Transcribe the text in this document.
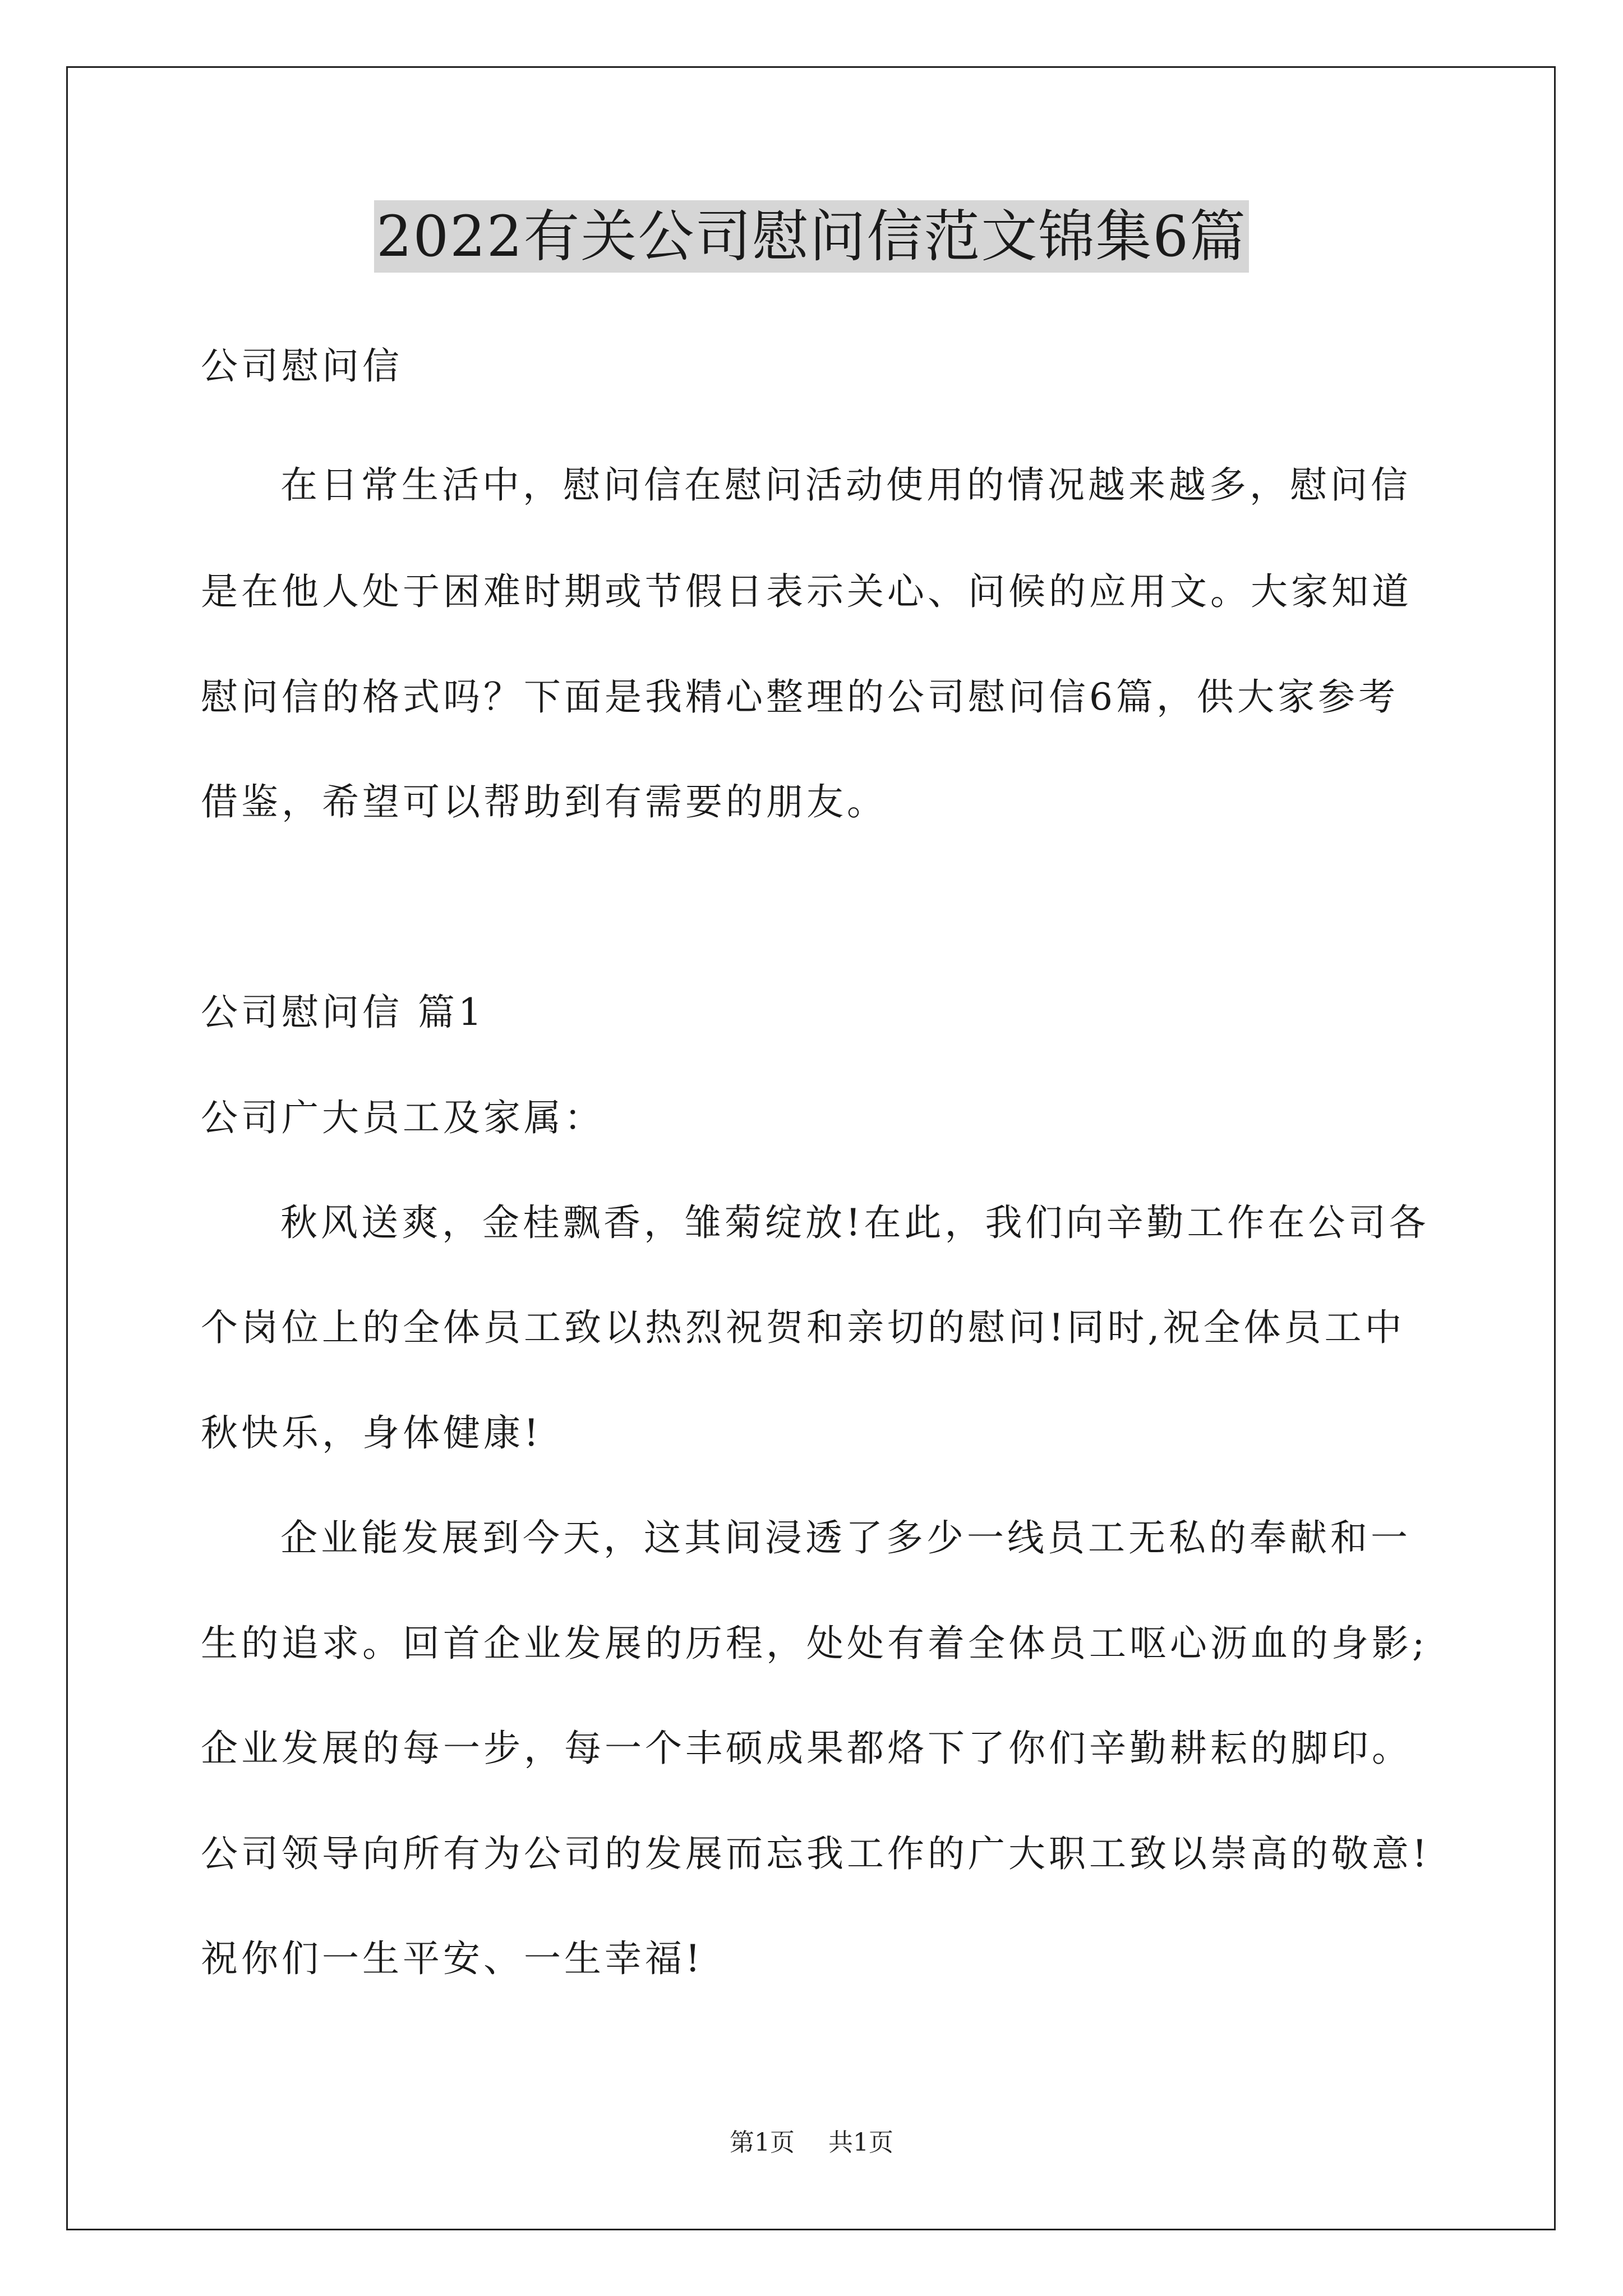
2022有关公司慰问信范文锦集6篇
公司慰问信
在日常生活中，慰问信在慰问活动使用的情况越来越多，慰问信
是在他人处于困难时期或节假日表示关心、问候的应用文。大家知道
慰问信的格式吗？下面是我精心整理的公司慰问信6篇，供大家参考
借鉴，希望可以帮助到有需要的朋友。
公司慰问信 篇1
公司广大员工及家属：
秋风送爽，金桂飘香，雏菊绽放!在此，我们向辛勤工作在公司各
个岗位上的全体员工致以热烈祝贺和亲切的慰问!同时,祝全体员工中
秋快乐，身体健康!
企业能发展到今天，这其间浸透了多少一线员工无私的奉献和一
生的追求。回首企业发展的历程，处处有着全体员工呕心沥血的身影;
企业发展的每一步，每一个丰硕成果都烙下了你们辛勤耕耘的脚印。
公司领导向所有为公司的发展而忘我工作的广大职工致以崇高的敬意!
祝你们一生平安、一生幸福!
第1页 共1页
